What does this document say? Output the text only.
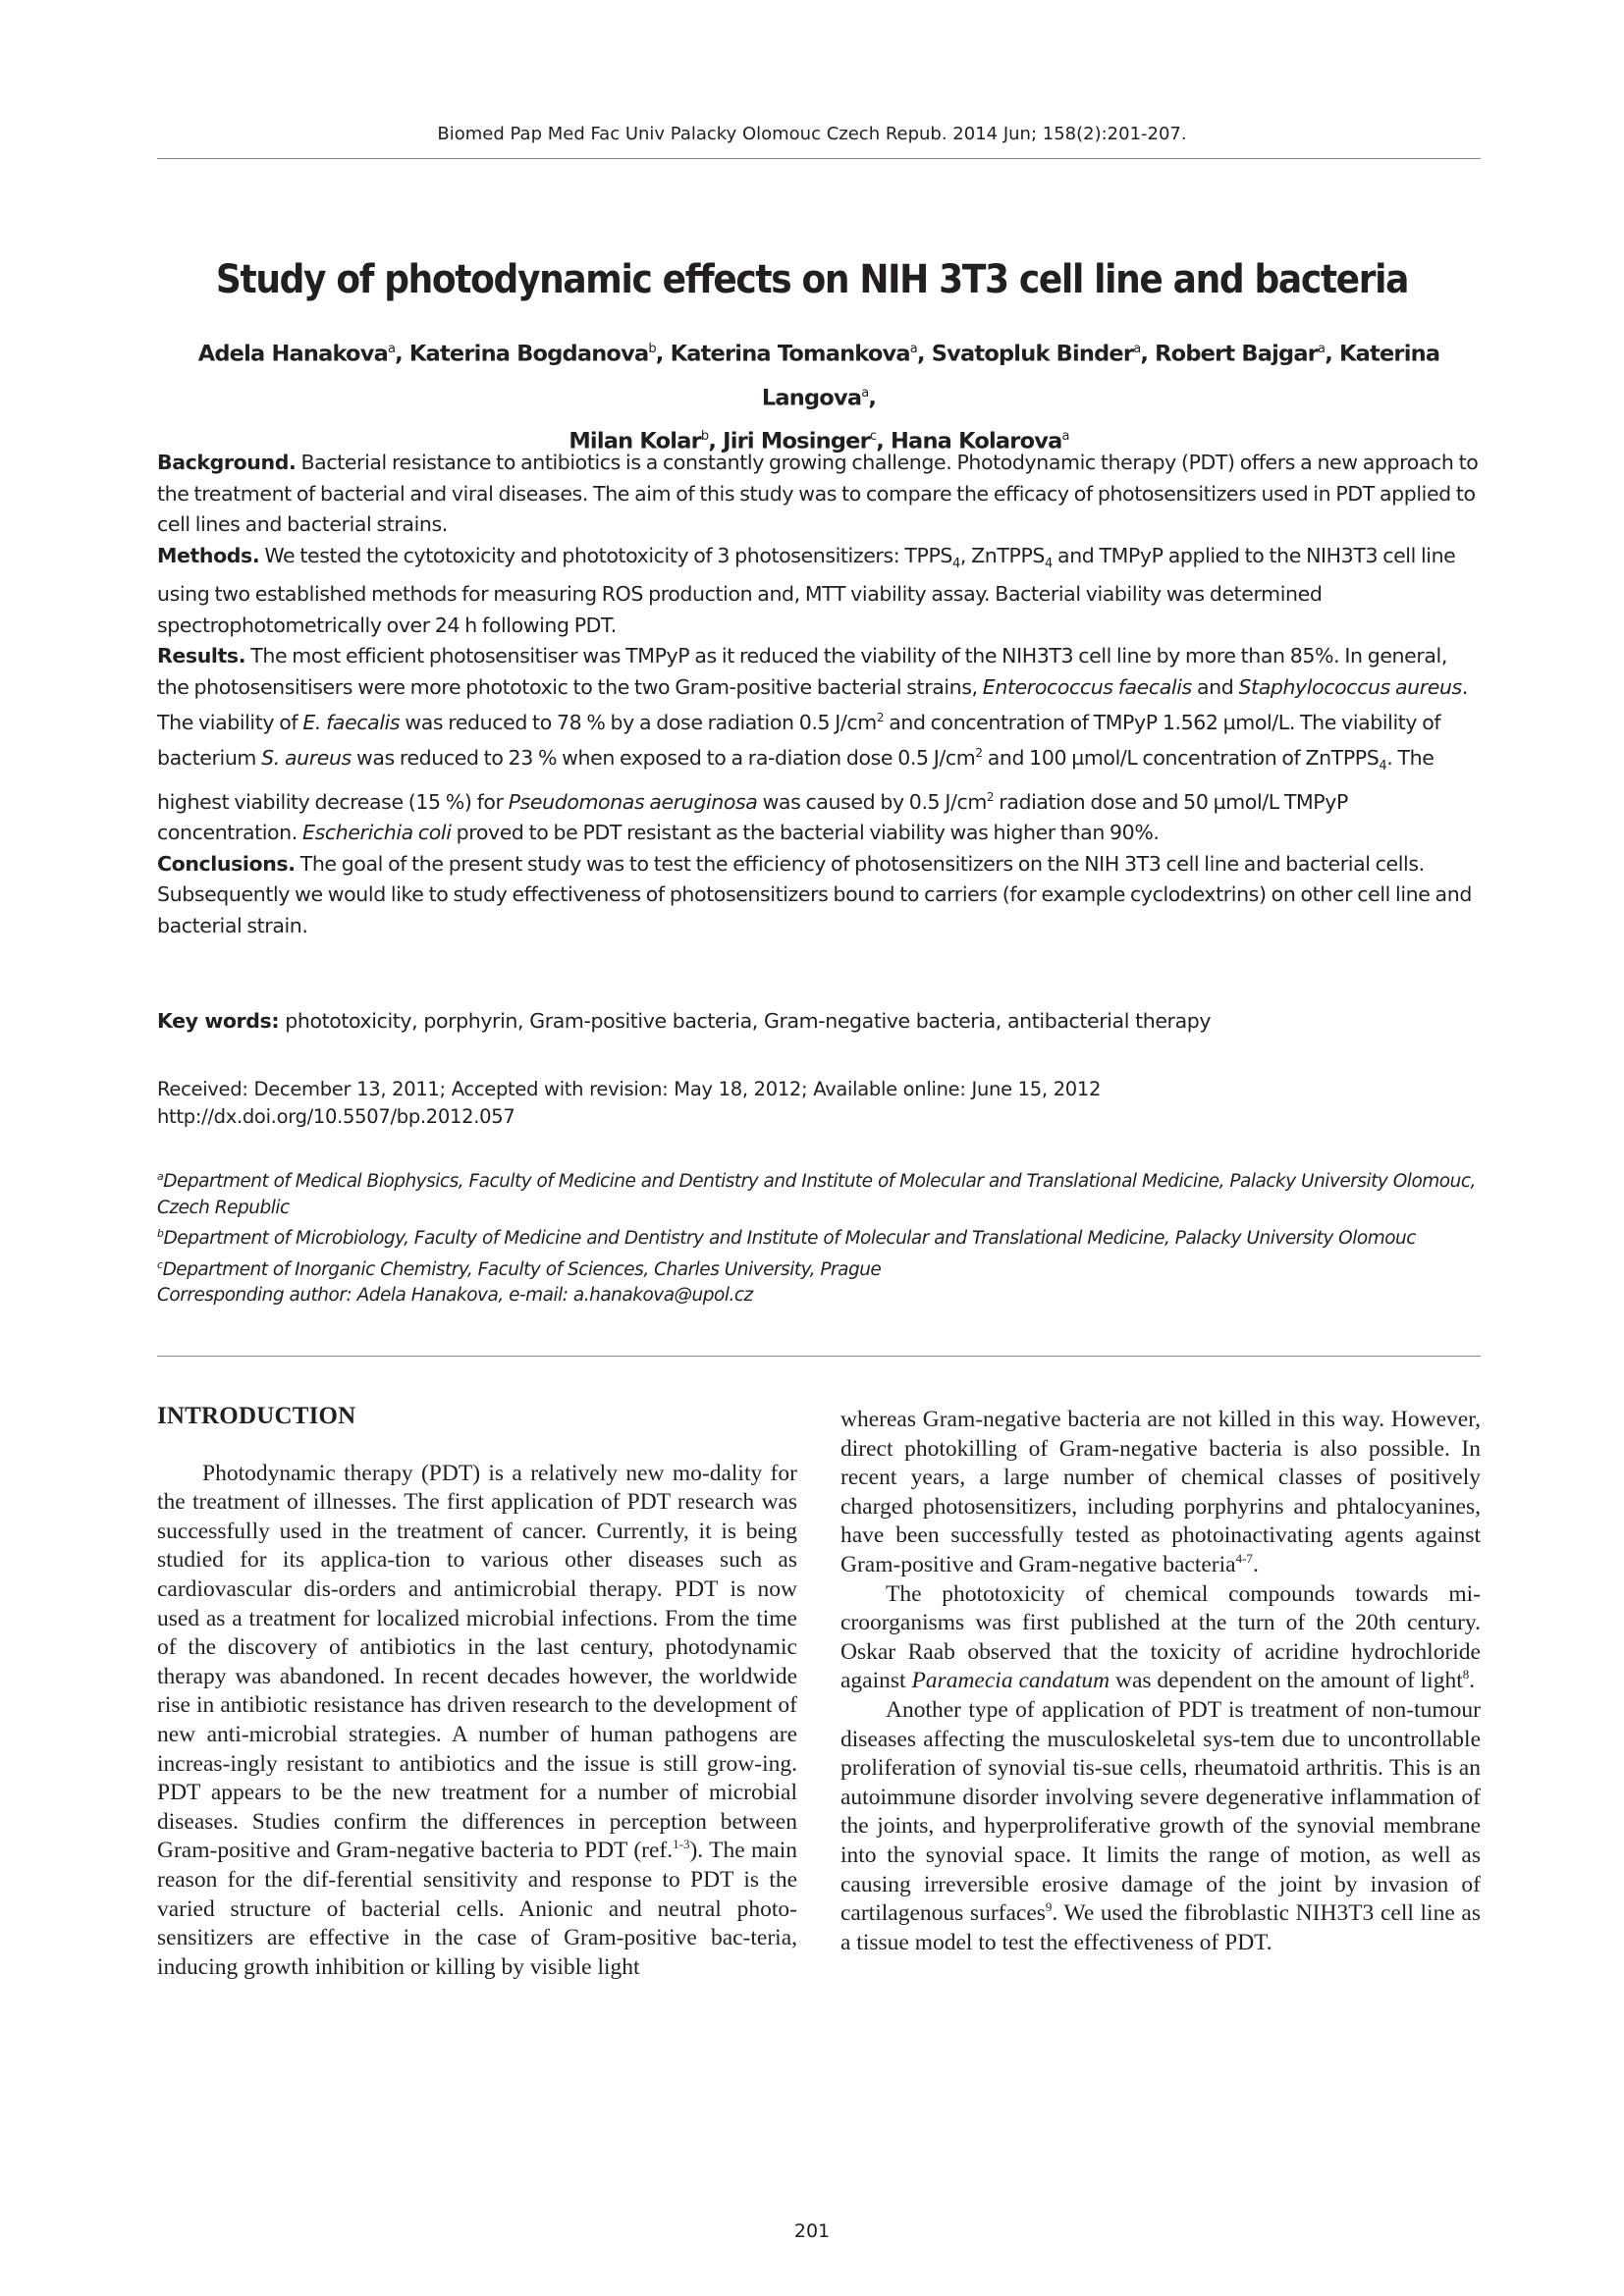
Biomed Pap Med Fac Univ Palacky Olomouc Czech Repub. 2014 Jun; 158(2):201-207.
Study of photodynamic effects on NIH 3T3 cell line and bacteria
Adela Hanakova$^a$, Katerina Bogdanova$^b$, Katerina Tomankova$^a$, Svatopluk Binder$^a$, Robert Bajgar$^a$, Katerina Langova$^a$,
Milan Kolar$^b$, Jiri Mosinger$^c$, Hana Kolarova$^a$

Background. Bacterial resistance to antibiotics is a constantly growing challenge. Photodynamic therapy (PDT) offers a new approach to the treatment of bacterial and viral diseases. The aim of this study was to compare the efficacy of photosensitizers used in PDT applied to cell lines and bacterial strains.

Methods. We tested the cytotoxicity and phototoxicity of 3 photosensitizers: $TPPS_4$, ZnTPPS$_4$ and TMPyP applied to the NIH3T3 cell line using two established methods for measuring ROS production and, MTT viability assay. Bacterial viability was determined spectrophotometrically over 24 h following PDT.

Results. The most efficient photosensitiser was TMPyP as it reduced the viability of the NIH3T3 cell line by more than 85%. In general, the photosensitisers were more phototoxic to the two Gram-positive bacterial strains, Enterococcus faecalis and Staphylococcus aureus. The viability of E. faecalis was reduced to 78 % by a dose radiation 0.5 $J/cm^2$ and concentration of TMPyP 1.562 µmol/L. The viability of bacterium S. aureus was reduced to 23 % when exposed to a ra-diation dose 0.5 $J/cm^2$ and 100 µmol/L concentration of ZnTPPS$_4$. The highest viability decrease (15 %) for Pseudomonas aeruginosa was caused by 0.5 $J/cm^2$ radiation dose and 50 µmol/L TMPyP concentration. Escherichia coli proved to be PDT resistant as the bacterial viability was higher than 90%.

Conclusions. The goal of the present study was to test the efficiency of photosensitizers on the NIH 3T3 cell line and bacterial cells. Subsequently we would like to study effectiveness of photosensitizers bound to carriers (for example cyclodextrins) on other cell line and bacterial strain.

Key words: phototoxicity, porphyrin, Gram-positive bacteria, Gram-negative bacteria, antibacterial therapy
Received: December 13, 2011; Accepted with revision: May 18, 2012; Available online: June 15, 2012
http://dx.doi.org/10.5507/bp.2012.057

$^a$Department of Medical Biophysics, Faculty of Medicine and Dentistry and Institute of Molecular and Translational Medicine, Palacky University Olomouc, Czech Republic

$^b$Department of Microbiology, Faculty of Medicine and Dentistry and Institute of Molecular and Translational Medicine, Palacky University Olomouc

$^c$Department of Inorganic Chemistry, Faculty of Sciences, Charles University, Prague

Corresponding author: Adela Hanakova, e-mail: a.hanakova@upol.cz

INTRODUCTION

Photodynamic therapy (PDT) is a relatively new mo-dality for the treatment of illnesses. The first application of PDT research was successfully used in the treatment of cancer. Currently, it is being studied for its applica-tion to various other diseases such as cardiovascular dis-orders and antimicrobial therapy. PDT is now used as a treatment for localized microbial infections. From the time of the discovery of antibiotics in the last century, photodynamic therapy was abandoned. In recent decades however, the worldwide rise in antibiotic resistance has driven research to the development of new anti-microbial strategies. A number of human pathogens are increas-ingly resistant to antibiotics and the issue is still grow-ing. PDT appears to be the new treatment for a number of microbial diseases. Studies confirm the differences in perception between Gram-positive and Gram-negative bacteria to PDT (ref.$^{1-3}$). The main reason for the dif-ferential sensitivity and response to PDT is the varied structure of bacterial cells. Anionic and neutral photo-sensitizers are effective in the case of Gram-positive bac-teria, inducing growth inhibition or killing by visible light

whereas Gram-negative bacteria are not killed in this way. However, direct photokilling of Gram-negative bacteria is also possible. In recent years, a large number of chemical classes of positively charged photosensitizers, including porphyrins and phtalocyanines, have been successfully tested as photoinactivating agents against Gram-positive and Gram-negative bacteria$^{4-7}$.

The phototoxicity of chemical compounds towards mi-croorganisms was first published at the turn of the 20th century. Oskar Raab observed that the toxicity of acridine hydrochloride against Paramecia candatum was dependent on the amount of light$^8$.

Another type of application of PDT is treatment of non-tumour diseases affecting the musculoskeletal sys-tem due to uncontrollable proliferation of synovial tis-sue cells, rheumatoid arthritis. This is an autoimmune disorder involving severe degenerative inflammation of the joints, and hyperproliferative growth of the synovial membrane into the synovial space. It limits the range of motion, as well as causing irreversible erosive damage of the joint by invasion of cartilagenous surfaces$^9$. We used the fibroblastic NIH3T3 cell line as a tissue model to test the effectiveness of PDT.

201
